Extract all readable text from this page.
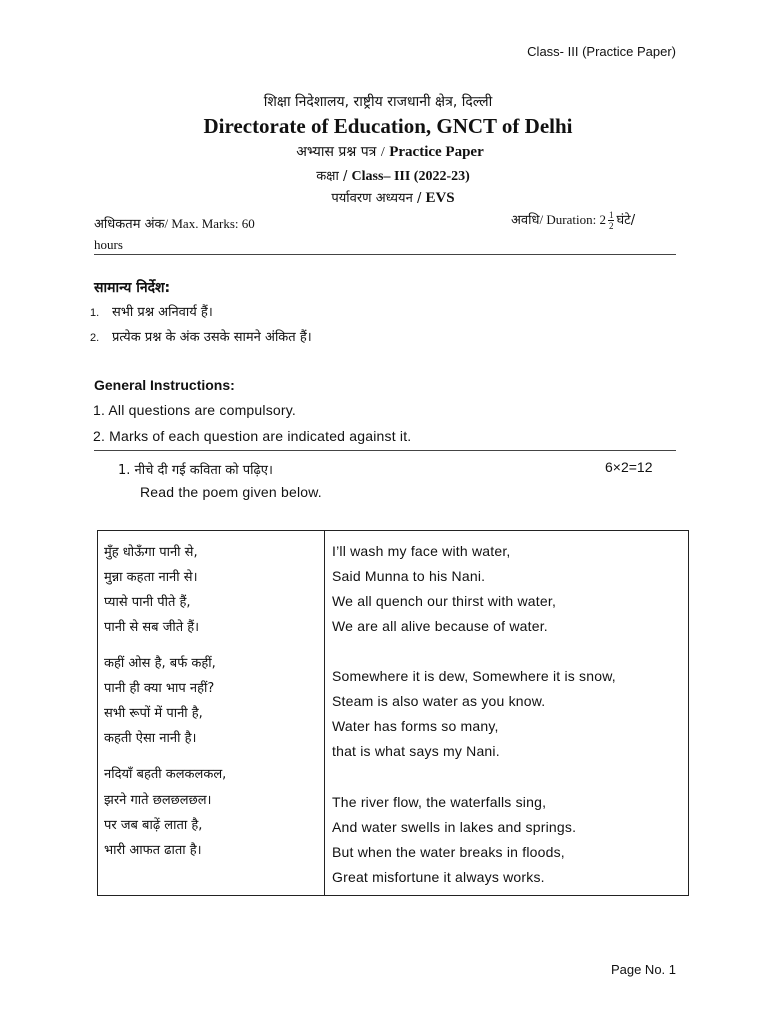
Class- III (Practice Paper)
शिक्षा निदेशालय, राष्ट्रीय राजधानी क्षेत्र, दिल्ली
Directorate of Education, GNCT of Delhi
अभ्यास प्रश्न पत्र / Practice Paper
कक्षा / Class– III (2022-23)
पर्यावरण अध्ययन / EVS
अधिकतम अंक/ Max. Marks: 60	अवधि/ Duration: $2 \frac{1}{2}$ घंटे/
hours
सामान्य निर्देश:
1. सभी प्रश्न अनिवार्य हैं।
2. प्रत्येक प्रश्न के अंक उसके सामने अंकित हैं।
General Instructions:
1. All questions are compulsory.
2. Marks of each question are indicated against it.
1. नीचे दी गई कविता को पढ़िए।	6×2=12
Read the poem given below.
मुँह धोऊँगा पानी से,
मुन्ना कहता नानी से।
प्यासे पानी पीते हैं,
पानी से सब जीते हैं।
कहीं ओस है, बर्फ कहीं,
पानी ही क्या भाप नहीं?
सभी रूपों में पानी है,
कहती ऐसा नानी है।
नदियाँ बहती कलकलकल,
झरने गाते छलछलछल।
पर जब बाढ़ें लाता है,
भारी आफत ढाता है।
I’ll wash my face with water,
Said Munna to his Nani.
We all quench our thirst with water,
We are all alive because of water.
Somewhere it is dew, Somewhere it is snow,
Steam is also water as you know.
Water has forms so many,
that is what says my Nani.
The river flow, the waterfalls sing,
And water swells in lakes and springs.
But when the water breaks in floods,
Great misfortune it always works.
Page No. 1
